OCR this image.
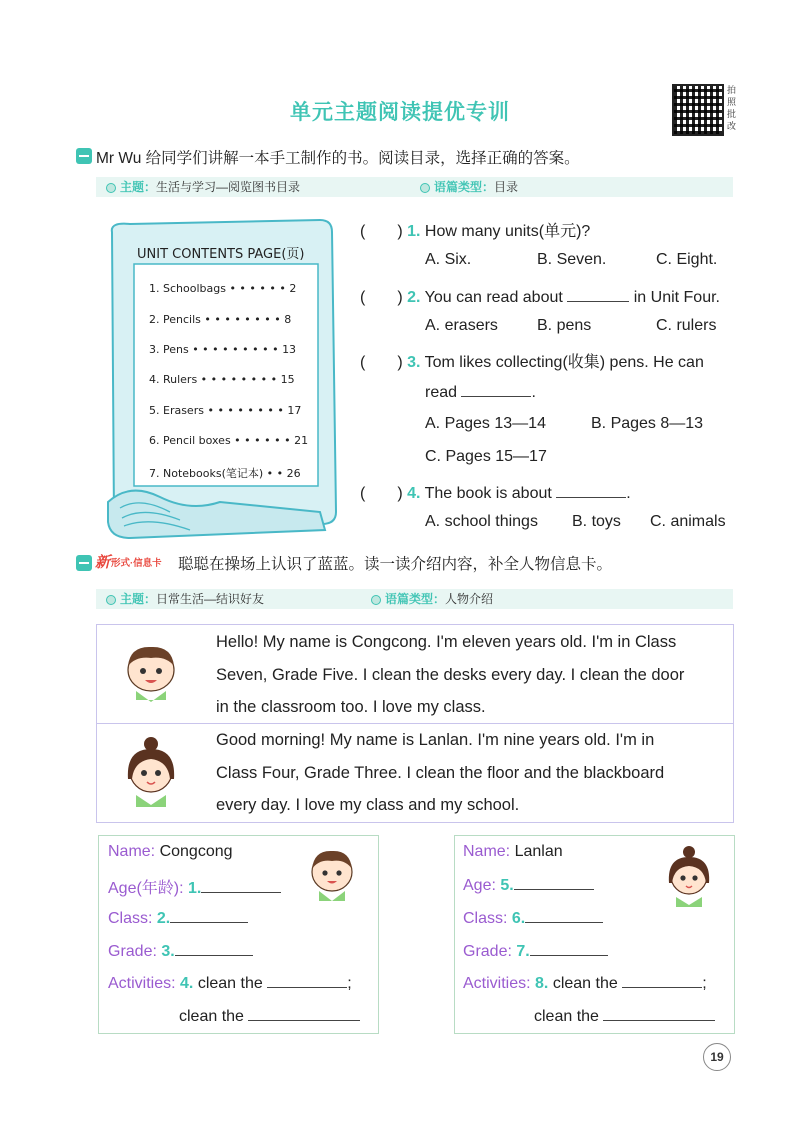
单元主题阅读提优专训
拍照批改
Mr Wu 给同学们讲解一本手工制作的书。阅读目录，选择正确的答案。
主题：生活与学习—阅览图书目录	语篇类型：目录
UNIT CONTENTS PAGE(页)
1. Schoolbags • • • • • • 2
2. Pencils • • • • • • • • 8
3. Pens • • • • • • • • • 13
4. Rulers • • • • • • • • 15
5. Erasers • • • • • • • • 17
6. Pencil boxes • • • • • • 21
7. Notebooks(笔记本) • • 26
(　　) 1. How many units(单元)?
A. Six.	B. Seven.	C. Eight.
(　　) 2. You can read about	in Unit Four.
A. erasers B. pens	C. rulers
(　　) 3. Tom likes collecting(收集) pens. He can
read	.
A. Pages 13—14	B. Pages 8—13
C. Pages 15—17
(　　) 4. The book is about	.
A. school things B. toys C. animals
新 形式·信息卡 聪聪在操场上认识了蓝蓝。读一读介绍内容，补全人物信息卡。
主题：日常生活—结识好友	语篇类型：人物介绍
Hello! My name is Congcong. I'm eleven years old. I'm in Class
Seven, Grade Five. I clean the desks every day. I clean the door
in the classroom too. I love my class.
Good morning! My name is Lanlan. I'm nine years old. I'm in
Class Four, Grade Three. I clean the floor and the blackboard
every day. I love my class and my school.
Name: Congcong
Age(年龄): 1.
Class: 2.
Grade: 3.
Activities: 4. clean the	;
clean the
Name: Lanlan
Age: 5.
Class: 6.
Grade: 7.
Activities: 8. clean the	;
clean the
19
